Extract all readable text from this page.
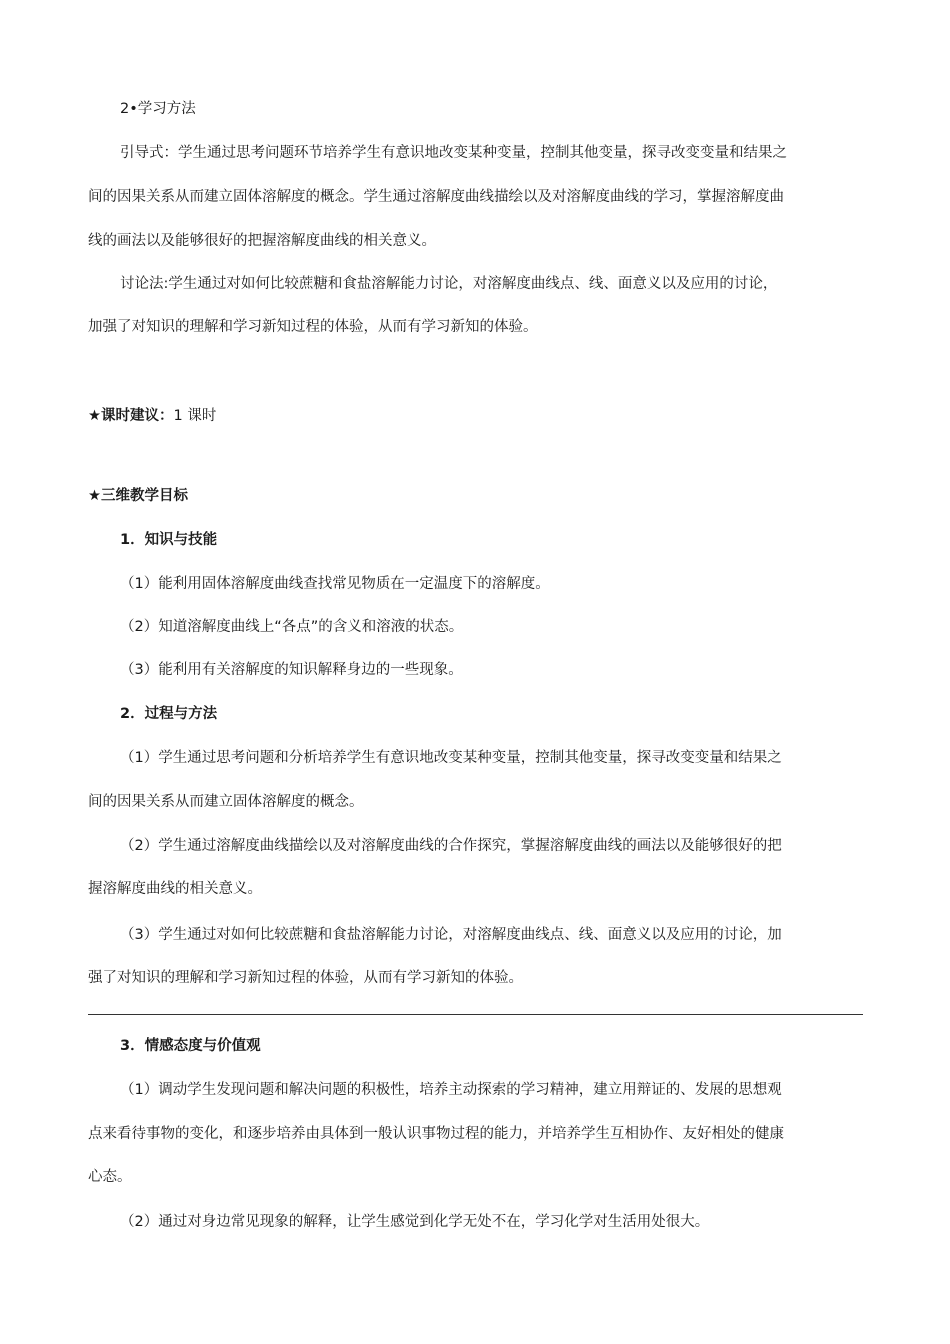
2•学习方法
引导式：学生通过思考问题环节培养学生有意识地改变某种变量，控制其他变量，探寻改变变量和结果之
间的因果关系从而建立固体溶解度的概念。学生通过溶解度曲线描绘以及对溶解度曲线的学习，掌握溶解度曲
线的画法以及能够很好的把握溶解度曲线的相关意义。
讨论法:学生通过对如何比较蔗糖和食盐溶解能力讨论，对溶解度曲线点、线、面意义以及应用的讨论，
加强了对知识的理解和学习新知过程的体验，从而有学习新知的体验。
★课时建议：1 课时
★三维教学目标
1．知识与技能
（1）能利用固体溶解度曲线查找常见物质在一定温度下的溶解度。
（2）知道溶解度曲线上“各点”的含义和溶液的状态。
（3）能利用有关溶解度的知识解释身边的一些现象。
2．过程与方法
（1）学生通过思考问题和分析培养学生有意识地改变某种变量，控制其他变量，探寻改变变量和结果之
间的因果关系从而建立固体溶解度的概念。
（2）学生通过溶解度曲线描绘以及对溶解度曲线的合作探究，掌握溶解度曲线的画法以及能够很好的把
握溶解度曲线的相关意义。
（3）学生通过对如何比较蔗糖和食盐溶解能力讨论，对溶解度曲线点、线、面意义以及应用的讨论，加
强了对知识的理解和学习新知过程的体验，从而有学习新知的体验。
3．情感态度与价值观
（1）调动学生发现问题和解决问题的积极性，培养主动探索的学习精神，建立用辩证的、发展的思想观
点来看待事物的变化，和逐步培养由具体到一般认识事物过程的能力，并培养学生互相协作、友好相处的健康
心态。
（2）通过对身边常见现象的解释，让学生感觉到化学无处不在，学习化学对生活用处很大。
